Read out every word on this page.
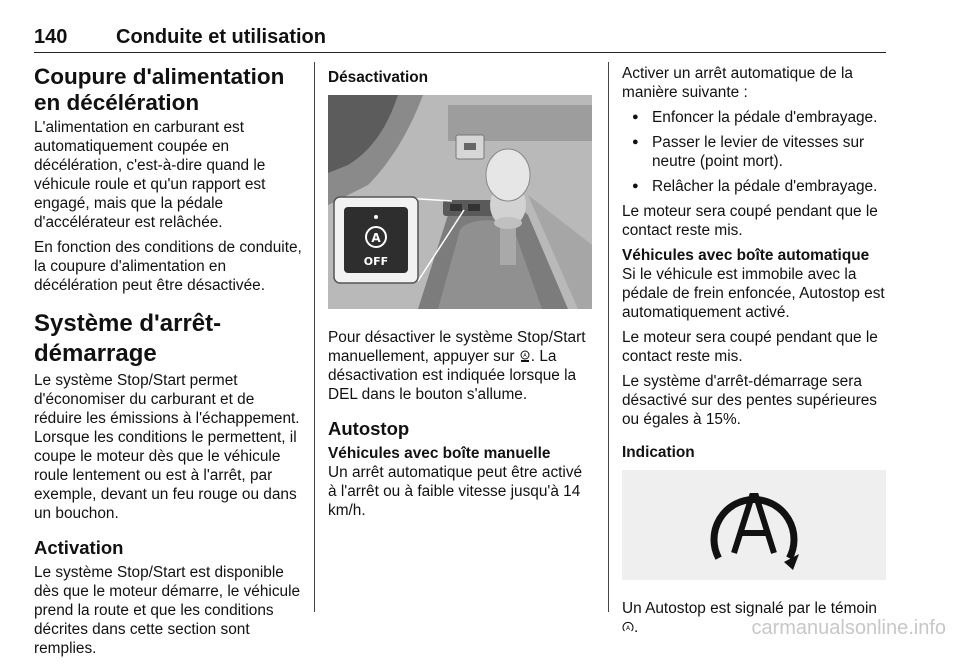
140 Conduite et utilisation
Coupure d'alimentation en décélération

L'alimentation en carburant est automatiquement coupée en décélération, c'est-à-dire quand le véhicule roule et qu'un rapport est engagé, mais que la pédale d'accélérateur est relâchée.

En fonction des conditions de conduite, la coupure d'alimentation en décélération peut être désactivée.

Système d'arrêt-démarrage

Le système Stop/Start permet d'économiser du carburant et de réduire les émissions à l'échappement. Lorsque les conditions le permettent, il coupe le moteur dès que le véhicule roule lentement ou est à l'arrêt, par exemple, devant un feu rouge ou dans un bouchon.

Activation

Le système Stop/Start est disponible dès que le moteur démarre, le véhicule prend la route et que les conditions décrites dans cette section sont remplies.

Désactivation
A
OFF

Pour désactiver le système Stop/Start manuellement, appuyer sur A . La désactivation est indiquée lorsque la DEL dans le bouton s'allume.

Autostop
Véhicules avec boîte manuelle

Un arrêt automatique peut être activé à l'arrêt ou à faible vitesse jusqu'à 14 km/h.

Activer un arrêt automatique de la manière suivante :

● Enfoncer la pédale d'embrayage.
● Passer le levier de vitesses sur neutre (point mort).
● Relâcher la pédale d'embrayage.

Le moteur sera coupé pendant que le contact reste mis.

Véhicules avec boîte automatique

Si le véhicule est immobile avec la pédale de frein enfoncée, Autostop est automatiquement activé.

Le moteur sera coupé pendant que le contact reste mis.

Le système d'arrêt-démarrage sera désactivé sur des pentes supérieures ou égales à 15%.

Indication

Un Autostop est signalé par le témoin
A .	carmanualsonline.info
